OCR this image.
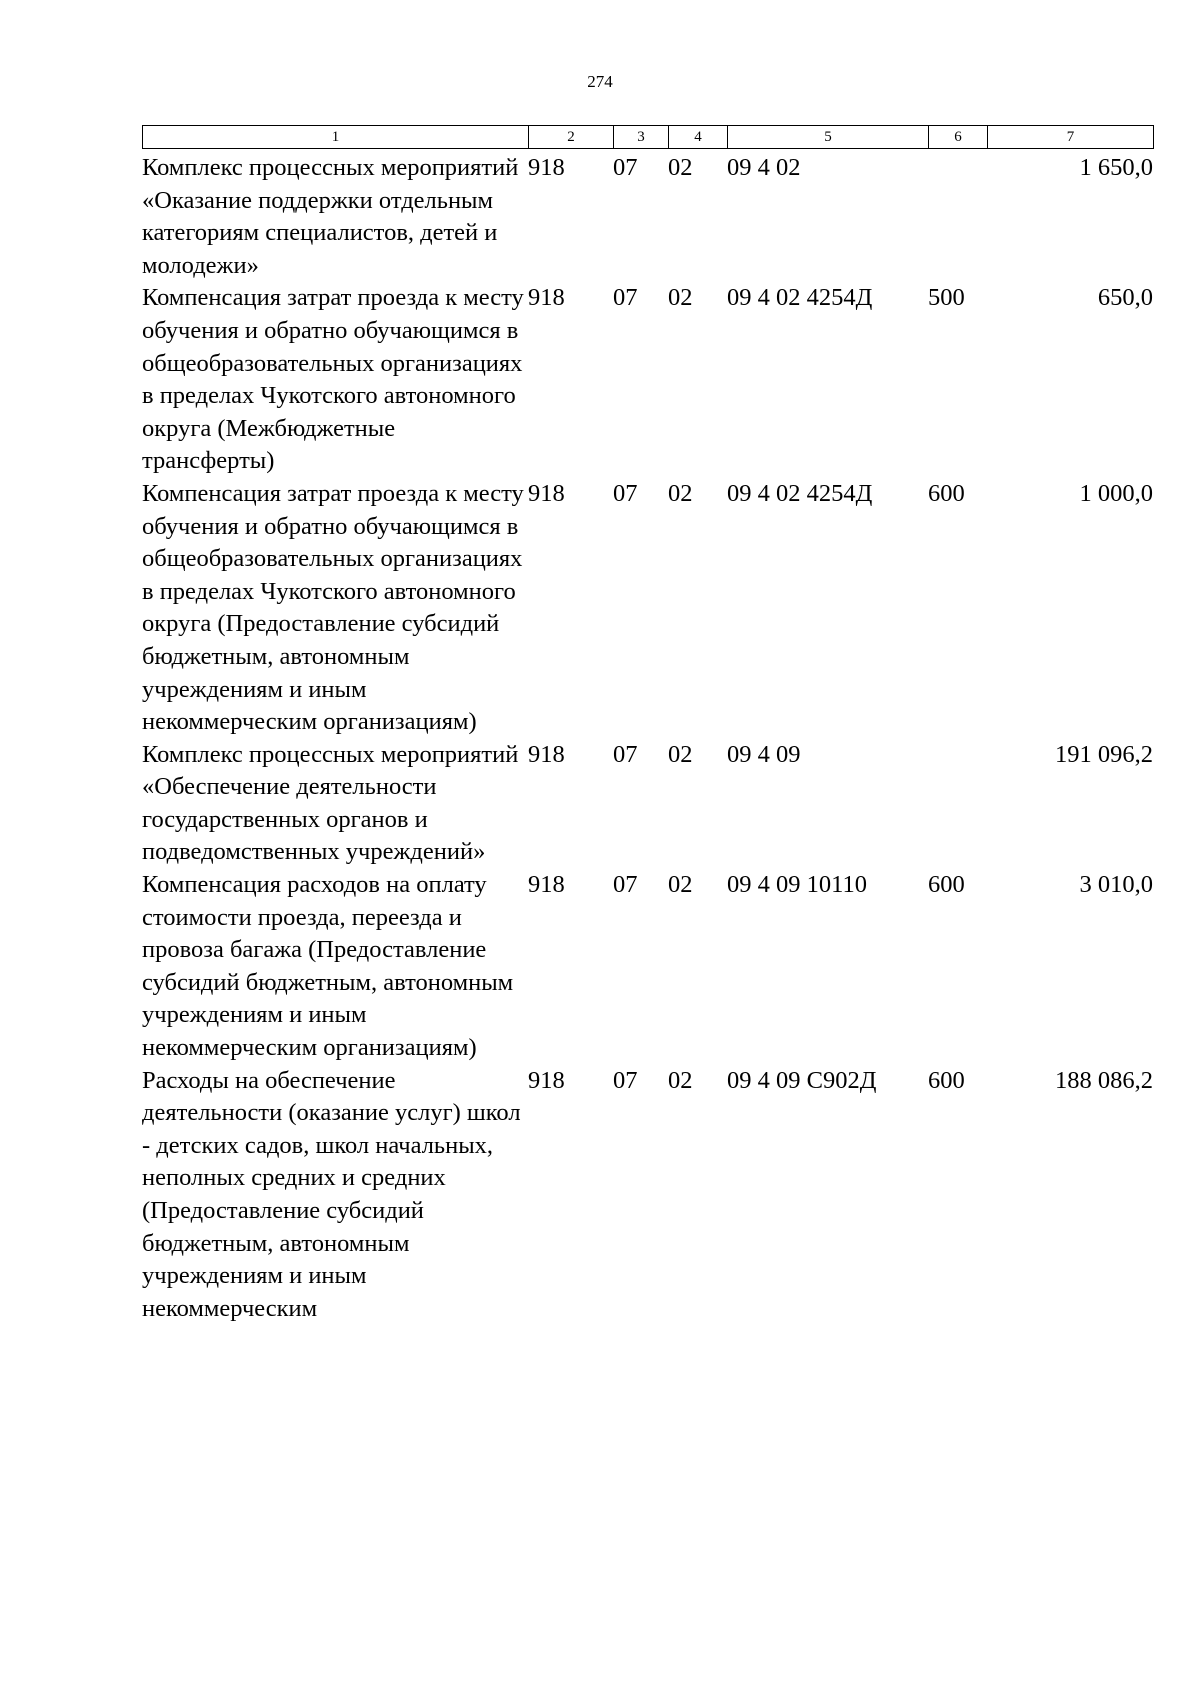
274
1	2	3	4	5	6	7
Комплекс процессных мероприятий «Оказание поддержки отдельным категориям специалистов, детей и молодежи»	918	07	02	09 4 02		1 650,0
Компенсация затрат проезда к месту обучения и обратно обучающимся в общеобразовательных организациях в пределах Чукотского автономного округа (Межбюджетные трансферты)	918	07	02	09 4 02 4254Д	500	650,0
Компенсация затрат проезда к месту обучения и обратно обучающимся в общеобразовательных организациях в пределах Чукотского автономного округа (Предоставление субсидий бюджетным, автономным учреждениям и иным некоммерческим организациям)	918	07	02	09 4 02 4254Д	600	1 000,0
Комплекс процессных мероприятий «Обеспечение деятельности государственных органов и подведомственных учреждений»	918	07	02	09 4 09		191 096,2
Компенсация расходов на оплату стоимости проезда, переезда и провоза багажа (Предоставление субсидий бюджетным, автономным учреждениям и иным некоммерческим организациям)	918	07	02	09 4 09 10110	600	3 010,0
Расходы на обеспечение деятельности (оказание услуг) школ - детских садов, школ начальных, неполных средних и средних (Предоставление субсидий бюджетным, автономным учреждениям и иным некоммерческим	918	07	02	09 4 09 С902Д	600	188 086,2
